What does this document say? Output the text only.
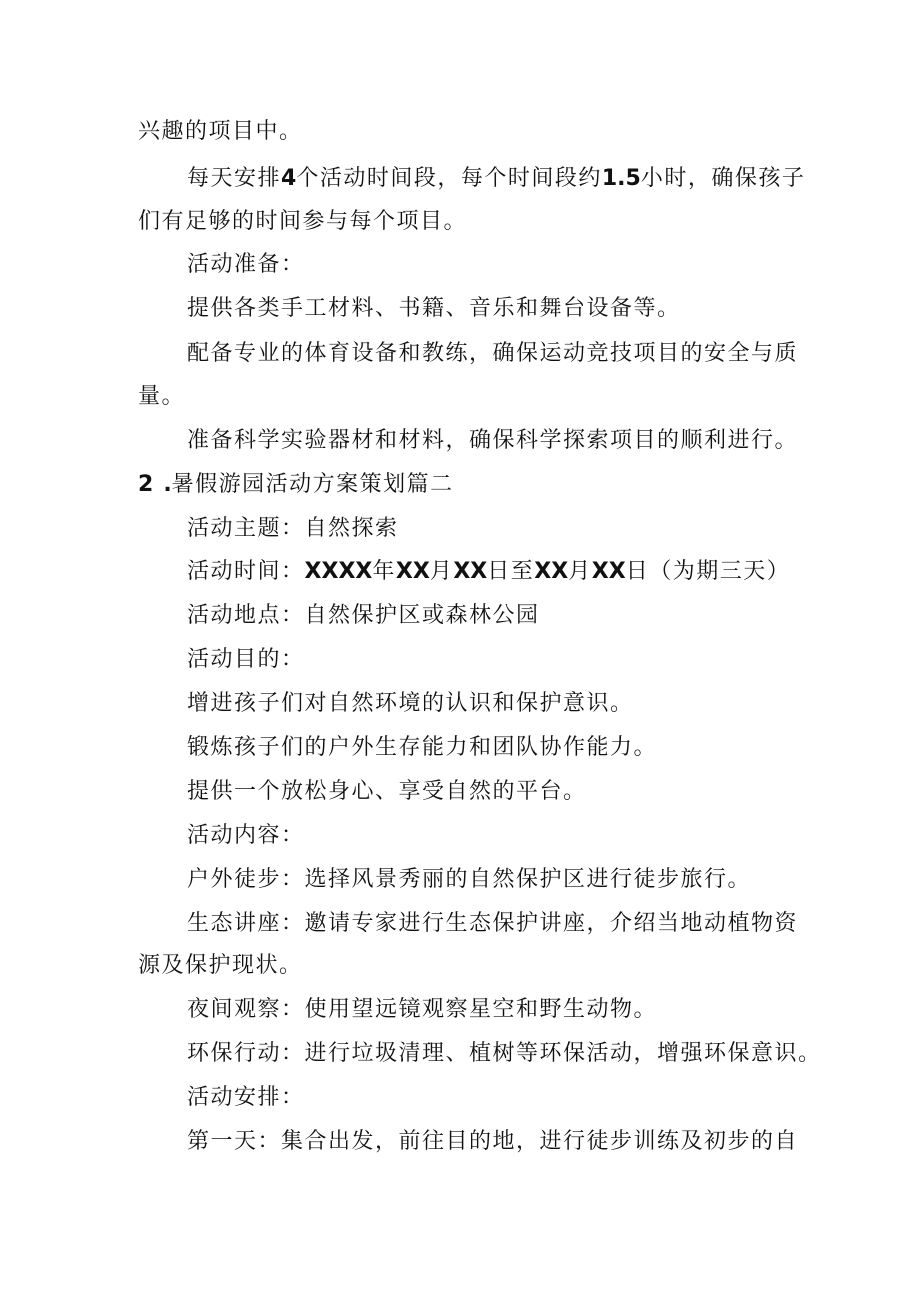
兴趣的项目中。
每天安排4个活动时间段，每个时间段约1.5小时，确保孩子
们有足够的时间参与每个项目。
活动准备：
提供各类手工材料、书籍、音乐和舞台设备等。
配备专业的体育设备和教练，确保运动竞技项目的安全与质
量。
准备科学实验器材和材料，确保科学探索项目的顺利进行。
2 .暑假游园活动方案策划篇二
活动主题：自然探索
活动时间：XXXX年XX月XX日至XX月XX日（为期三天）
活动地点：自然保护区或森林公园
活动目的：
增进孩子们对自然环境的认识和保护意识。
锻炼孩子们的户外生存能力和团队协作能力。
提供一个放松身心、享受自然的平台。
活动内容：
户外徒步：选择风景秀丽的自然保护区进行徒步旅行。
生态讲座：邀请专家进行生态保护讲座，介绍当地动植物资
源及保护现状。
夜间观察：使用望远镜观察星空和野生动物。
环保行动：进行垃圾清理、植树等环保活动，增强环保意识。
活动安排：
第一天：集合出发，前往目的地，进行徒步训练及初步的自
